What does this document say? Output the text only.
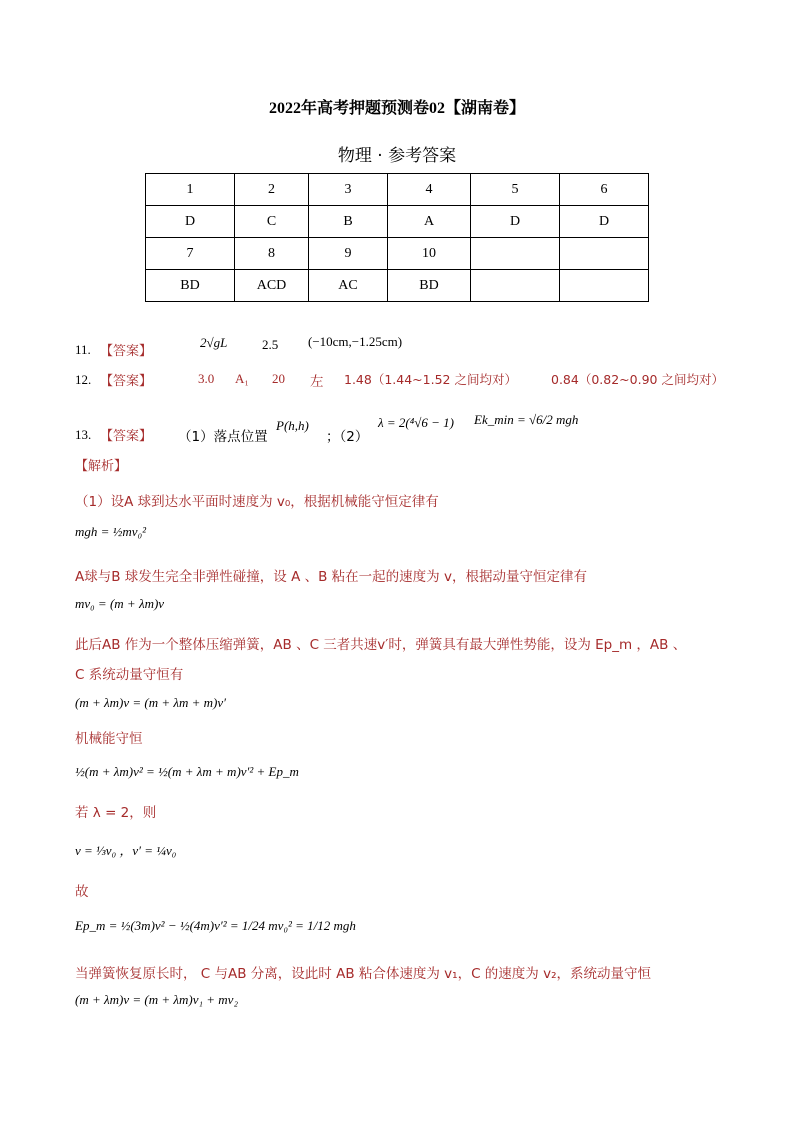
2022年高考押题预测卷02【湖南卷】
物理 · 参考答案
1	2	3	4	5	6
D	C	B	A	D	D
7	8	9	10		
BD	ACD	AC	BD		
11. 【答案】
2√gL	2.5 (−10cm,−1.25cm)
12. 【答案】	3.0 A₁ 20 左 1.48（1.44~1.52 之间均对）	0.84（0.82~0.90 之间均对）
13. 【答案】 （1）落点位置
P(h,h)
；（2）
λ = 2(⁴√6 − 1) Ek_min = √6/2 mgh
【解析】
（1）设A 球到达水平面时速度为 v₀，根据机械能守恒定律有
mgh = ½mv₀²
A球与B 球发生完全非弹性碰撞，设 A 、B 粘在一起的速度为 v，根据动量守恒定律有
mv₀ = (m + λm)v
此后AB 作为一个整体压缩弹簧，AB 、C 三者共速v′时，弹簧具有最大弹性势能，设为 Ep_m ，AB 、
C 系统动量守恒有
(m + λm)v = (m + λm + m)v′
机械能守恒
½(m + λm)v² = ½(m + λm + m)v′² + Ep_m
若 λ = 2，则
v = ⅓v₀ ，v′ = ¼v₀
故
Ep_m = ½(3m)v² − ½(4m)v′² = 1/24 mv₀² = 1/12 mgh
当弹簧恢复原长时， C 与AB 分离，设此时 AB 粘合体速度为 v₁，C 的速度为 v₂，系统动量守恒
(m + λm)v = (m + λm)v₁ + mv₂
